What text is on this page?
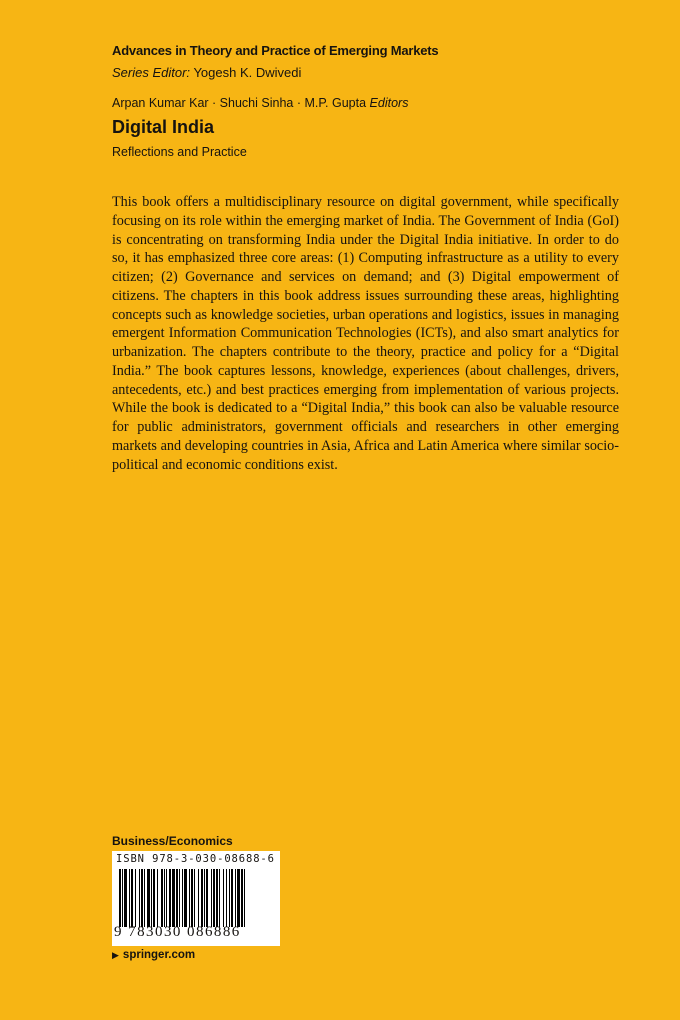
Advances in Theory and Practice of Emerging Markets
Series Editor: Yogesh K. Dwivedi
Arpan Kumar Kar · Shuchi Sinha · M.P. Gupta Editors
Digital India
Reflections and Practice
This book offers a multidisciplinary resource on digital government, while specifically focusing on its role within the emerging market of India. The Government of India (GoI) is concentrating on transforming India under the Digital India initiative. In order to do so, it has emphasized three core areas: (1) Computing infrastructure as a utility to every citizen; (2) Governance and services on demand; and (3) Digital empowerment of citizens. The chapters in this book address issues surrounding these areas, highlighting concepts such as knowledge societies, urban operations and logistics, issues in managing emergent Information Communication Technologies (ICTs), and also smart analytics for urbanization. The chapters contribute to the theory, practice and policy for a “Digital India.” The book captures lessons, knowledge, experiences (about challenges, drivers, antecedents, etc.) and best practices emerging from implementation of various projects. While the book is dedicated to a “Digital India,” this book can also be valuable resource for public administrators, government officials and researchers in other emerging markets and developing countries in Asia, Africa and Latin America where similar socio-political and economic conditions exist.
Business/Economics
ISBN 978-3-030-08688-6
9 783030 086886
▶ springer.com
